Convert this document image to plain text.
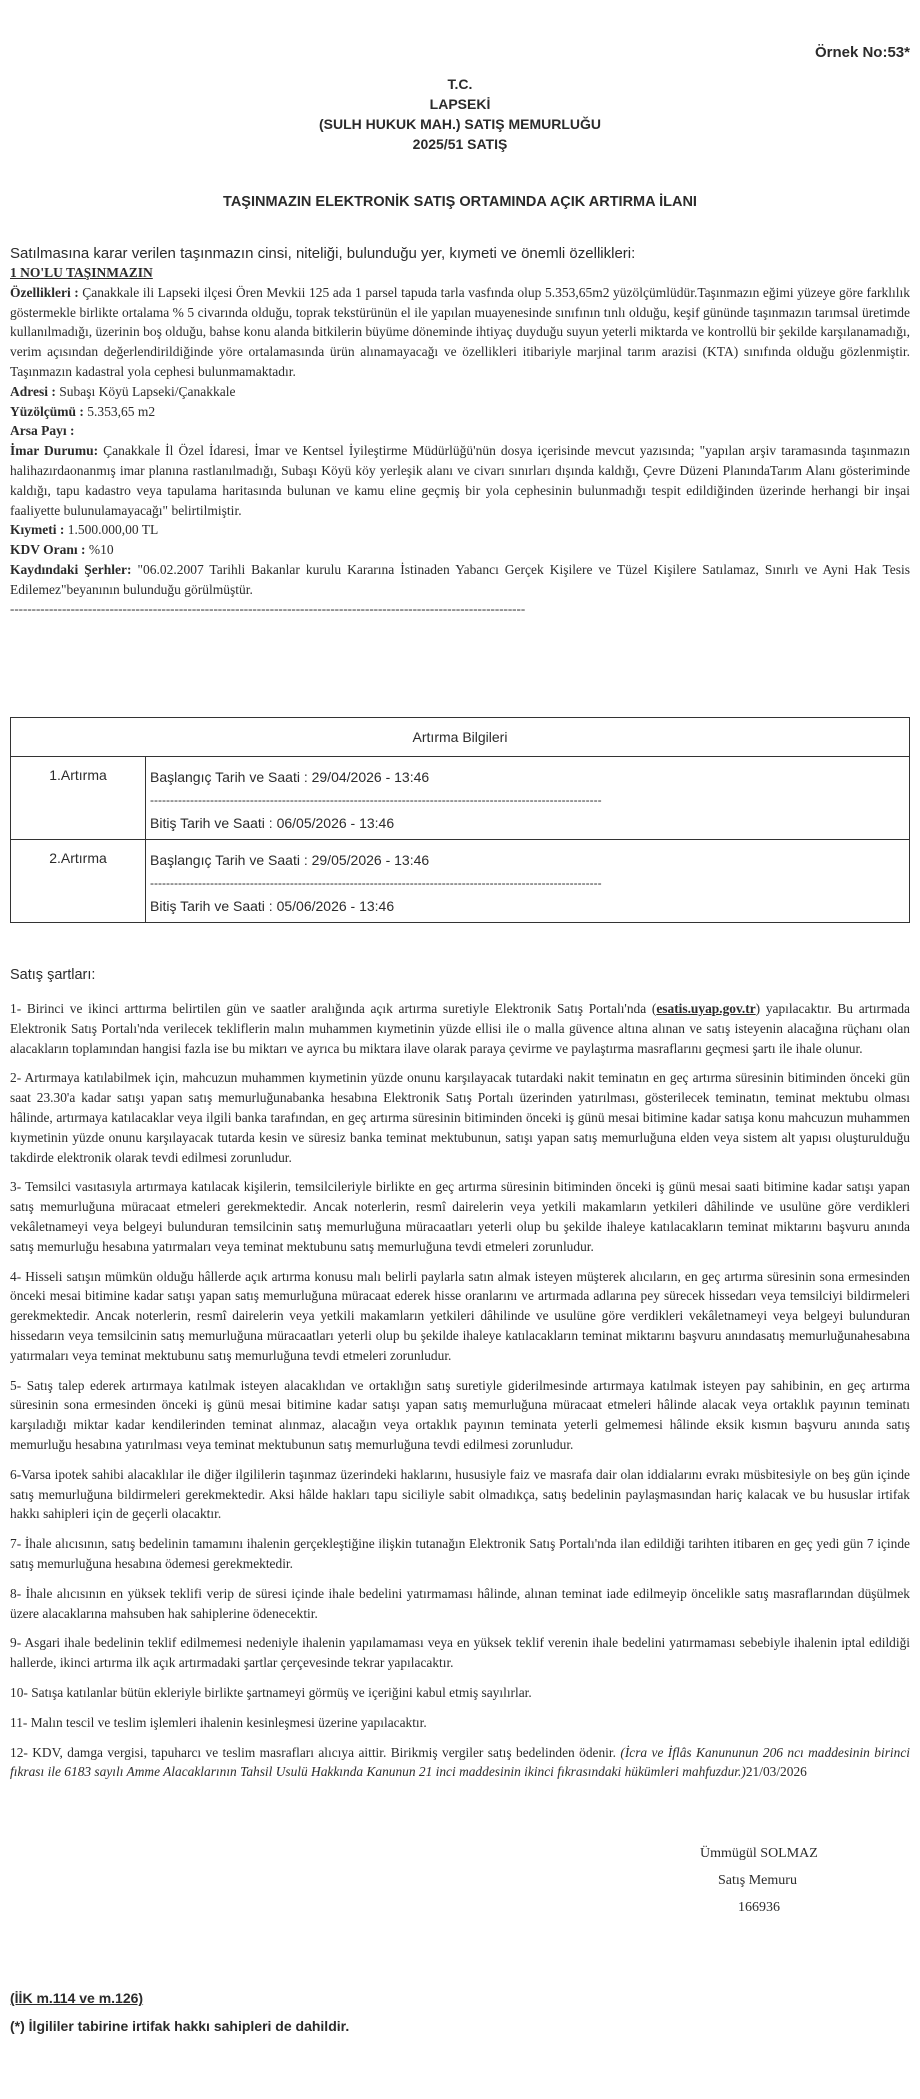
Örnek No:53*
T.C.
LAPSEKİ
(SULH HUKUK MAH.) SATIŞ MEMURLUĞU
2025/51 SATIŞ
TAŞINMAZIN ELEKTRONİK SATIŞ ORTAMINDA AÇIK ARTIRMA İLANI

Satılmasına karar verilen taşınmazın cinsi, niteliği, bulunduğu yer, kıymeti ve önemli özellikleri:

1 NO'LU TAŞINMAZIN

Özellikleri : Çanakkale ili Lapseki ilçesi Ören Mevkii 125 ada 1 parsel tapuda tarla vasfında olup 5.353,65m2 yüzölçümlüdür.Taşınmazın eğimi yüzeye göre farklılık göstermekle birlikte ortalama % 5 civarında olduğu, toprak tekstürünün el ile yapılan muayenesinde sınıfının tınlı olduğu, keşif gününde taşınmazın tarımsal üretimde kullanılmadığı, üzerinin boş olduğu, bahse konu alanda bitkilerin büyüme döneminde ihtiyaç duyduğu suyun yeterli miktarda ve kontrollü bir şekilde karşılanamadığı, verim açısından değerlendirildiğinde yöre ortalamasında ürün alınamayacağı ve özellikleri itibariyle marjinal tarım arazisi (KTA) sınıfında olduğu gözlenmiştir. Taşınmazın kadastral yola cephesi bulunmamaktadır.

Adresi : Subaşı Köyü Lapseki/Çanakkale

Yüzölçümü : 5.353,65 m2

Arsa Payı :

İmar Durumu: Çanakkale İl Özel İdaresi, İmar ve Kentsel İyileştirme Müdürlüğü'nün dosya içerisinde mevcut yazısında; "yapılan arşiv taramasında taşınmazın halihazırdaonanmış imar planına rastlanılmadığı, Subaşı Köyü köy yerleşik alanı ve civarı sınırları dışında kaldığı, Çevre Düzeni PlanındaTarım Alanı gösteriminde kaldığı, tapu kadastro veya tapulama haritasında bulunan ve kamu eline geçmiş bir yola cephesinin bulunmadığı tespit edildiğinden üzerinde herhangi bir inşai faaliyette bulunulamayacağı" belirtilmiştir.

Kıymeti : 1.500.000,00 TL

KDV Oranı : %10

Kaydındaki Şerhler: "06.02.2007 Tarihli Bakanlar kurulu Kararına İstinaden Yabancı Gerçek Kişilere ve Tüzel Kişilere Satılamaz, Sınırlı ve Ayni Hak Tesis Edilemez"beyanının bulunduğu görülmüştür.

-----------------------------------------------------------------------------------------------------------------------
Artırma Bilgileri	
1.Artırma	Başlangıç Tarih ve Saati : 29/04/2026 - 13:46
-----------------------------------------------------------------------------------------------------------------
Bitiş Tarih ve Saati : 06/05/2026 - 13:46

2.Artırma	Başlangıç Tarih ve Saati : 29/05/2026 - 13:46
-----------------------------------------------------------------------------------------------------------------
Bitiş Tarih ve Saati : 05/06/2026 - 13:46

Satış şartları:

1- Birinci ve ikinci arttırma belirtilen gün ve saatler aralığında açık artırma suretiyle Elektronik Satış Portalı'nda (esatis.uyap.gov.tr) yapılacaktır. Bu artırmada Elektronik Satış Portalı'nda verilecek tekliflerin malın muhammen kıymetinin yüzde ellisi ile o malla güvence altına alınan ve satış isteyenin alacağına rüçhanı olan alacakların toplamından hangisi fazla ise bu miktarı ve ayrıca bu miktara ilave olarak paraya çevirme ve paylaştırma masraflarını geçmesi şartı ile ihale olunur.

2- Artırmaya katılabilmek için, mahcuzun muhammen kıymetinin yüzde onunu karşılayacak tutardaki nakit teminatın en geç artırma süresinin bitiminden önceki gün saat 23.30'a kadar satışı yapan satış memurluğunabanka hesabına Elektronik Satış Portalı üzerinden yatırılması, gösterilecek teminatın, teminat mektubu olması hâlinde, artırmaya katılacaklar veya ilgili banka tarafından, en geç artırma süresinin bitiminden önceki iş günü mesai bitimine kadar satışa konu mahcuzun muhammen kıymetinin yüzde onunu karşılayacak tutarda kesin ve süresiz banka teminat mektubunun, satışı yapan satış memurluğuna elden veya sistem alt yapısı oluşturulduğu takdirde elektronik olarak tevdi edilmesi zorunludur.

3- Temsilci vasıtasıyla artırmaya katılacak kişilerin, temsilcileriyle birlikte en geç artırma süresinin bitiminden önceki iş günü mesai saati bitimine kadar satışı yapan satış memurluğuna müracaat etmeleri gerekmektedir. Ancak noterlerin, resmî dairelerin veya yetkili makamların yetkileri dâhilinde ve usulüne göre verdikleri vekâletnameyi veya belgeyi bulunduran temsilcinin satış memurluğuna müracaatları yeterli olup bu şekilde ihaleye katılacakların teminat miktarını başvuru anında satış memurluğu hesabına yatırmaları veya teminat mektubunu satış memurluğuna tevdi etmeleri zorunludur.

4- Hisseli satışın mümkün olduğu hâllerde açık artırma konusu malı belirli paylarla satın almak isteyen müşterek alıcıların, en geç artırma süresinin sona ermesinden önceki mesai bitimine kadar satışı yapan satış memurluğuna müracaat ederek hisse oranlarını ve artırmada adlarına pey sürecek hissedarı veya temsilciyi bildirmeleri gerekmektedir. Ancak noterlerin, resmî dairelerin veya yetkili makamların yetkileri dâhilinde ve usulüne göre verdikleri vekâletnameyi veya belgeyi bulunduran hissedarın veya temsilcinin satış memurluğuna müracaatları yeterli olup bu şekilde ihaleye katılacakların teminat miktarını başvuru anındasatış memurluğunahesabına yatırmaları veya teminat mektubunu satış memurluğuna tevdi etmeleri zorunludur.

5- Satış talep ederek artırmaya katılmak isteyen alacaklıdan ve ortaklığın satış suretiyle giderilmesinde artırmaya katılmak isteyen pay sahibinin, en geç artırma süresinin sona ermesinden önceki iş günü mesai bitimine kadar satışı yapan satış memurluğuna müracaat etmeleri hâlinde alacak veya ortaklık payının teminatı karşıladığı miktar kadar kendilerinden teminat alınmaz, alacağın veya ortaklık payının teminata yeterli gelmemesi hâlinde eksik kısmın başvuru anında satış memurluğu hesabına yatırılması veya teminat mektubunun satış memurluğuna tevdi edilmesi zorunludur.

6-Varsa ipotek sahibi alacaklılar ile diğer ilgililerin taşınmaz üzerindeki haklarını, hususiyle faiz ve masrafa dair olan iddialarını evrakı müsbitesiyle on beş gün içinde satış memurluğuna bildirmeleri gerekmektedir. Aksi hâlde hakları tapu siciliyle sabit olmadıkça, satış bedelinin paylaşmasından hariç kalacak ve bu hususlar irtifak hakkı sahipleri için de geçerli olacaktır.

7- İhale alıcısının, satış bedelinin tamamını ihalenin gerçekleştiğine ilişkin tutanağın Elektronik Satış Portalı'nda ilan edildiği tarihten itibaren en geç yedi gün 7 içinde satış memurluğuna hesabına ödemesi gerekmektedir.

8- İhale alıcısının en yüksek teklifi verip de süresi içinde ihale bedelini yatırmaması hâlinde, alınan teminat iade edilmeyip öncelikle satış masraflarından düşülmek üzere alacaklarına mahsuben hak sahiplerine ödenecektir.

9- Asgari ihale bedelinin teklif edilmemesi nedeniyle ihalenin yapılamaması veya en yüksek teklif verenin ihale bedelini yatırmaması sebebiyle ihalenin iptal edildiği hallerde, ikinci artırma ilk açık artırmadaki şartlar çerçevesinde tekrar yapılacaktır.

10- Satışa katılanlar bütün ekleriyle birlikte şartnameyi görmüş ve içeriğini kabul etmiş sayılırlar.

11- Malın tescil ve teslim işlemleri ihalenin kesinleşmesi üzerine yapılacaktır.

12- KDV, damga vergisi, tapuharcı ve teslim masrafları alıcıya aittir. Birikmiş vergiler satış bedelinden ödenir. (İcra ve İflâs Kanununun 206 ncı maddesinin birinci fıkrası ile 6183 sayılı Amme Alacaklarının Tahsil Usulü Hakkında Kanunun 21 inci maddesinin ikinci fıkrasındaki hükümleri mahfuzdur.)21/03/2026

Ümmügül SOLMAZ
Satış Memuru
166936
(İİK m.114 ve m.126)
(*) İlgililer tabirine irtifak hakkı sahipleri de dahildir.
